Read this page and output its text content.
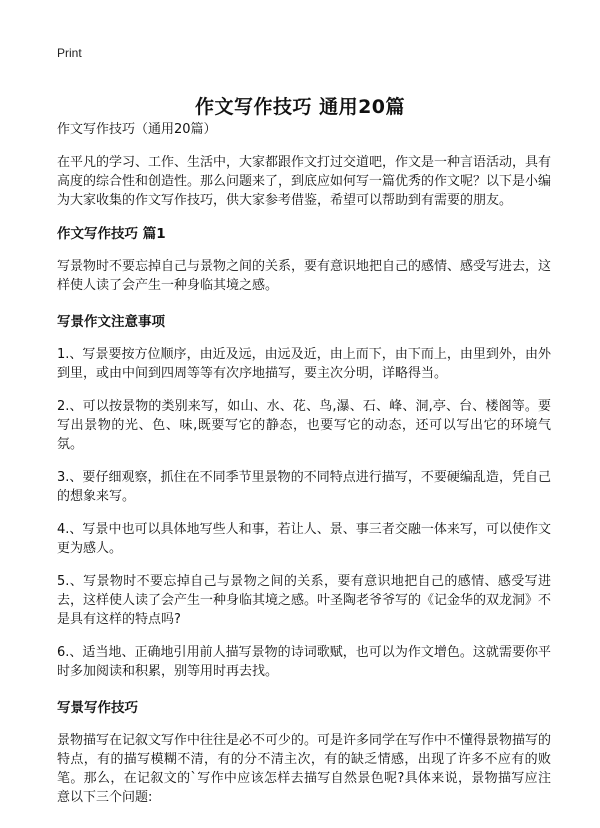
Print
作文写作技巧 通用20篇

作文写作技巧（通用20篇）

在平凡的学习、工作、生活中，大家都跟作文打过交道吧，作文是一种言语活动，具有高度的综合性和创造性。那么问题来了，到底应如何写一篇优秀的作文呢？以下是小编为大家收集的作文写作技巧，供大家参考借鉴，希望可以帮助到有需要的朋友。

作文写作技巧 篇1

写景物时不要忘掉自己与景物之间的关系，要有意识地把自己的感情、感受写进去，这样使人读了会产生一种身临其境之感。

写景作文注意事项

1.、写景要按方位顺序，由近及远，由远及近，由上而下，由下而上，由里到外，由外到里，或由中间到四周等等有次序地描写，要主次分明，详略得当。

2.、可以按景物的类别来写，如山、水、花、鸟,瀑、石、峰、洞,亭、台、楼阁等。要写出景物的光、色、味,既要写它的静态，也要写它的动态，还可以写出它的环境气氛。

3.、要仔细观察，抓住在不同季节里景物的不同特点进行描写，不要硬编乱造，凭自己的想象来写。

4.、写景中也可以具体地写些人和事，若让人、景、事三者交融一体来写，可以使作文更为感人。

5.、写景物时不要忘掉自己与景物之间的关系，要有意识地把自己的感情、感受写进去，这样使人读了会产生一种身临其境之感。叶圣陶老爷爷写的《记金华的双龙洞》不是具有这样的特点吗?

6.、适当地、正确地引用前人描写景物的诗词歌赋，也可以为作文增色。这就需要你平时多加阅读和积累，别等用时再去找。

写景写作技巧

景物描写在记叙文写作中往往是必不可少的。可是许多同学在写作中不懂得景物描写的特点，有的描写模糊不清，有的分不清主次，有的缺乏情感，出现了许多不应有的败笔。那么，在记叙文的`写作中应该怎样去描写自然景色呢?具体来说，景物描写应注意以下三个问题:
